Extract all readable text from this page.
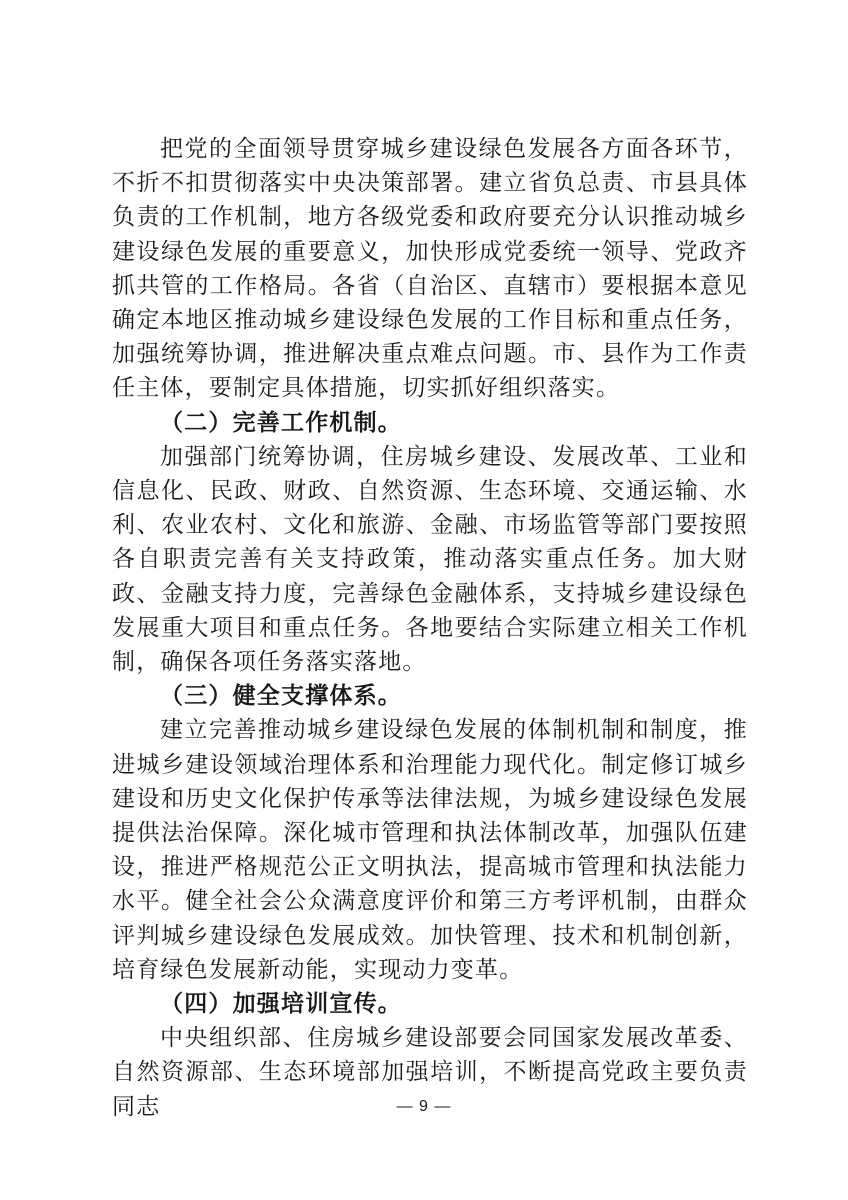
把党的全面领导贯穿城乡建设绿色发展各方面各环节，不折不扣贯彻落实中央决策部署。建立省负总责、市县具体负责的工作机制，地方各级党委和政府要充分认识推动城乡建设绿色发展的重要意义，加快形成党委统一领导、党政齐抓共管的工作格局。各省（自治区、直辖市）要根据本意见确定本地区推动城乡建设绿色发展的工作目标和重点任务，加强统筹协调，推进解决重点难点问题。市、县作为工作责任主体，要制定具体措施，切实抓好组织落实。

（二）完善工作机制。

加强部门统筹协调，住房城乡建设、发展改革、工业和信息化、民政、财政、自然资源、生态环境、交通运输、水利、农业农村、文化和旅游、金融、市场监管等部门要按照各自职责完善有关支持政策，推动落实重点任务。加大财政、金融支持力度，完善绿色金融体系，支持城乡建设绿色发展重大项目和重点任务。各地要结合实际建立相关工作机制，确保各项任务落实落地。

（三）健全支撑体系。

建立完善推动城乡建设绿色发展的体制机制和制度，推进城乡建设领域治理体系和治理能力现代化。制定修订城乡建设和历史文化保护传承等法律法规，为城乡建设绿色发展提供法治保障。深化城市管理和执法体制改革，加强队伍建设，推进严格规范公正文明执法，提高城市管理和执法能力水平。健全社会公众满意度评价和第三方考评机制，由群众评判城乡建设绿色发展成效。加快管理、技术和机制创新，培育绿色发展新动能，实现动力变革。

（四）加强培训宣传。

中央组织部、住房城乡建设部要会同国家发展改革委、自然资源部、生态环境部加强培训，不断提高党政主要负责同志	— 9 —
